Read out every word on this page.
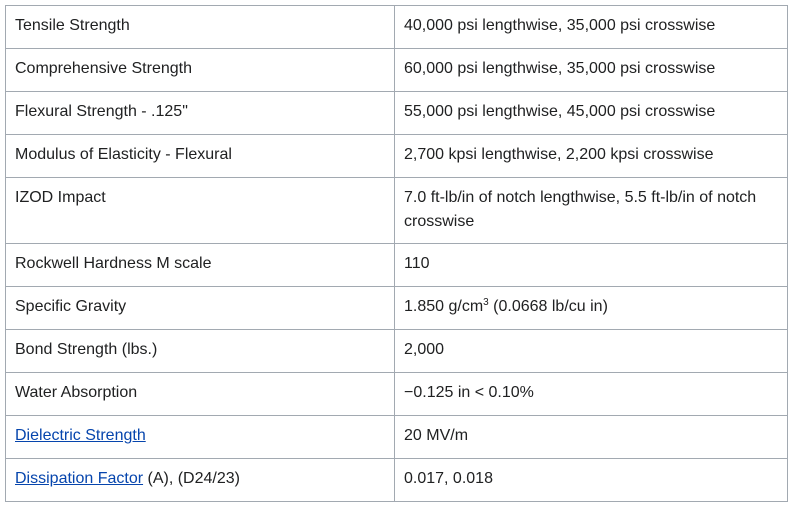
Tensile Strength	40,000 psi lengthwise, 35,000 psi crosswise

Comprehensive Strength	60,000 psi lengthwise, 35,000 psi crosswise

Flexural Strength - .125"	55,000 psi lengthwise, 45,000 psi crosswise

Modulus of Elasticity - Flexural	2,700 kpsi lengthwise, 2,200 kpsi crosswise

IZOD Impact	7.0 ft-lb/in of notch lengthwise, 5.5 ft-lb/in of notch crosswise

Rockwell Hardness M scale	110

Specific Gravity	1.850 $g/cm^3$ (0.0668 lb/cu in)

Bond Strength (lbs.)	2,000

Water Absorption	−0.125 in < 0.10%

Dielectric Strength	20 MV/m

Dissipation Factor (A), (D24/23)	0.017, 0.018
